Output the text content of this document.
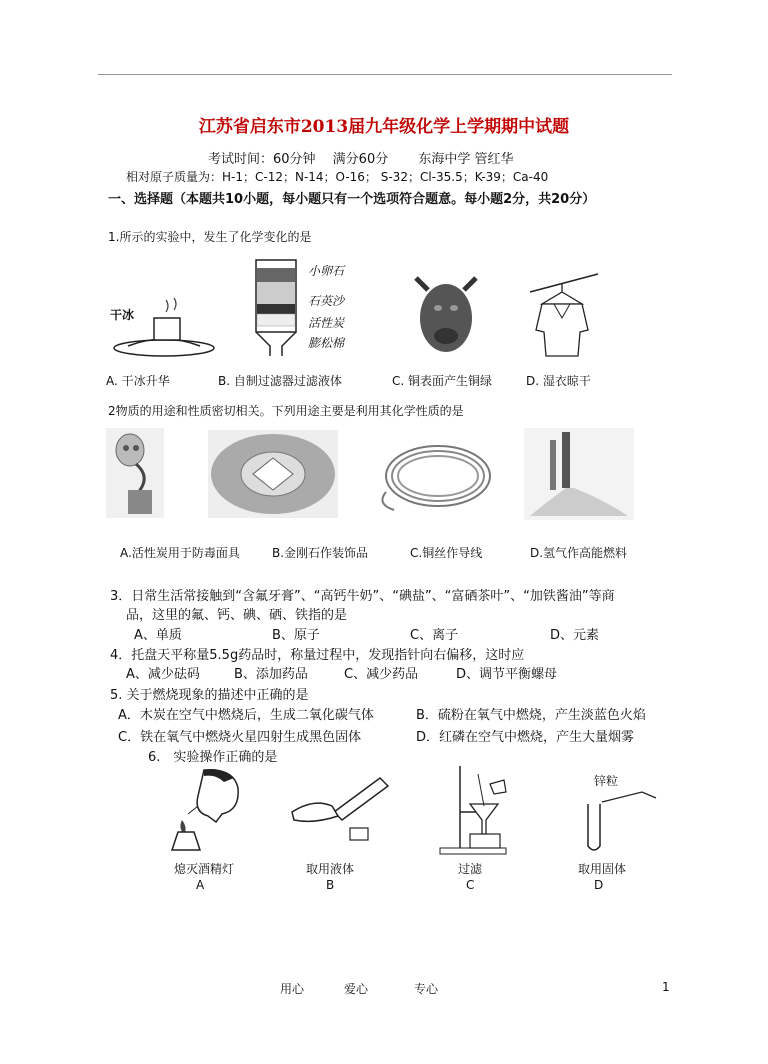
江苏省启东市2013届九年级化学上学期期中试题
考试时间：60分钟　 满分60分　　 东海中学 管红华
相对原子质量为：H-1；C-12；N-14；O-16； S-32；Cl-35.5；K-39；Ca-40
一、选择题（本题共10小题，每小题只有一个选项符合题意。每小题2分，共20分）
1.所示的实验中，发生了化学变化的是
干冰
小卵石
石英沙
活性炭
膨松棉
A. 干冰升华	B. 自制过滤器过滤液体	C. 铜表面产生铜绿	D. 湿衣晾干
2物质的用途和性质密切相关。下列用途主要是利用其化学性质的是
A.活性炭用于防毒面具	B.金刚石作装饰品	C.铜丝作导线	D.氢气作高能燃料
3．日常生活常接触到“含氟牙膏”、“高钙牛奶”、“碘盐”、“富硒茶叶”、“加铁酱油”等商
品，这里的氟、钙、碘、硒、铁指的是
A、单质	B、原子	C、离子	D、元素
4．托盘天平称量5.5g药品时，称量过程中，发现指针向右偏移，这时应
A、减少砝码	B、添加药品	C、减少药品	D、调节平衡螺母
5. 关于燃烧现象的描述中正确的是
A．木炭在空气中燃烧后，生成二氧化碳气体	B．硫粉在氧气中燃烧，产生淡蓝色火焰
C．铁在氧气中燃烧火星四射生成黑色固体	D．红磷在空气中燃烧，产生大量烟雾
6.　实验操作正确的是
锌粒
熄灭酒精灯	取用液体	过滤	取用固体
A	B	C	D
用心	爱心	专心	1
